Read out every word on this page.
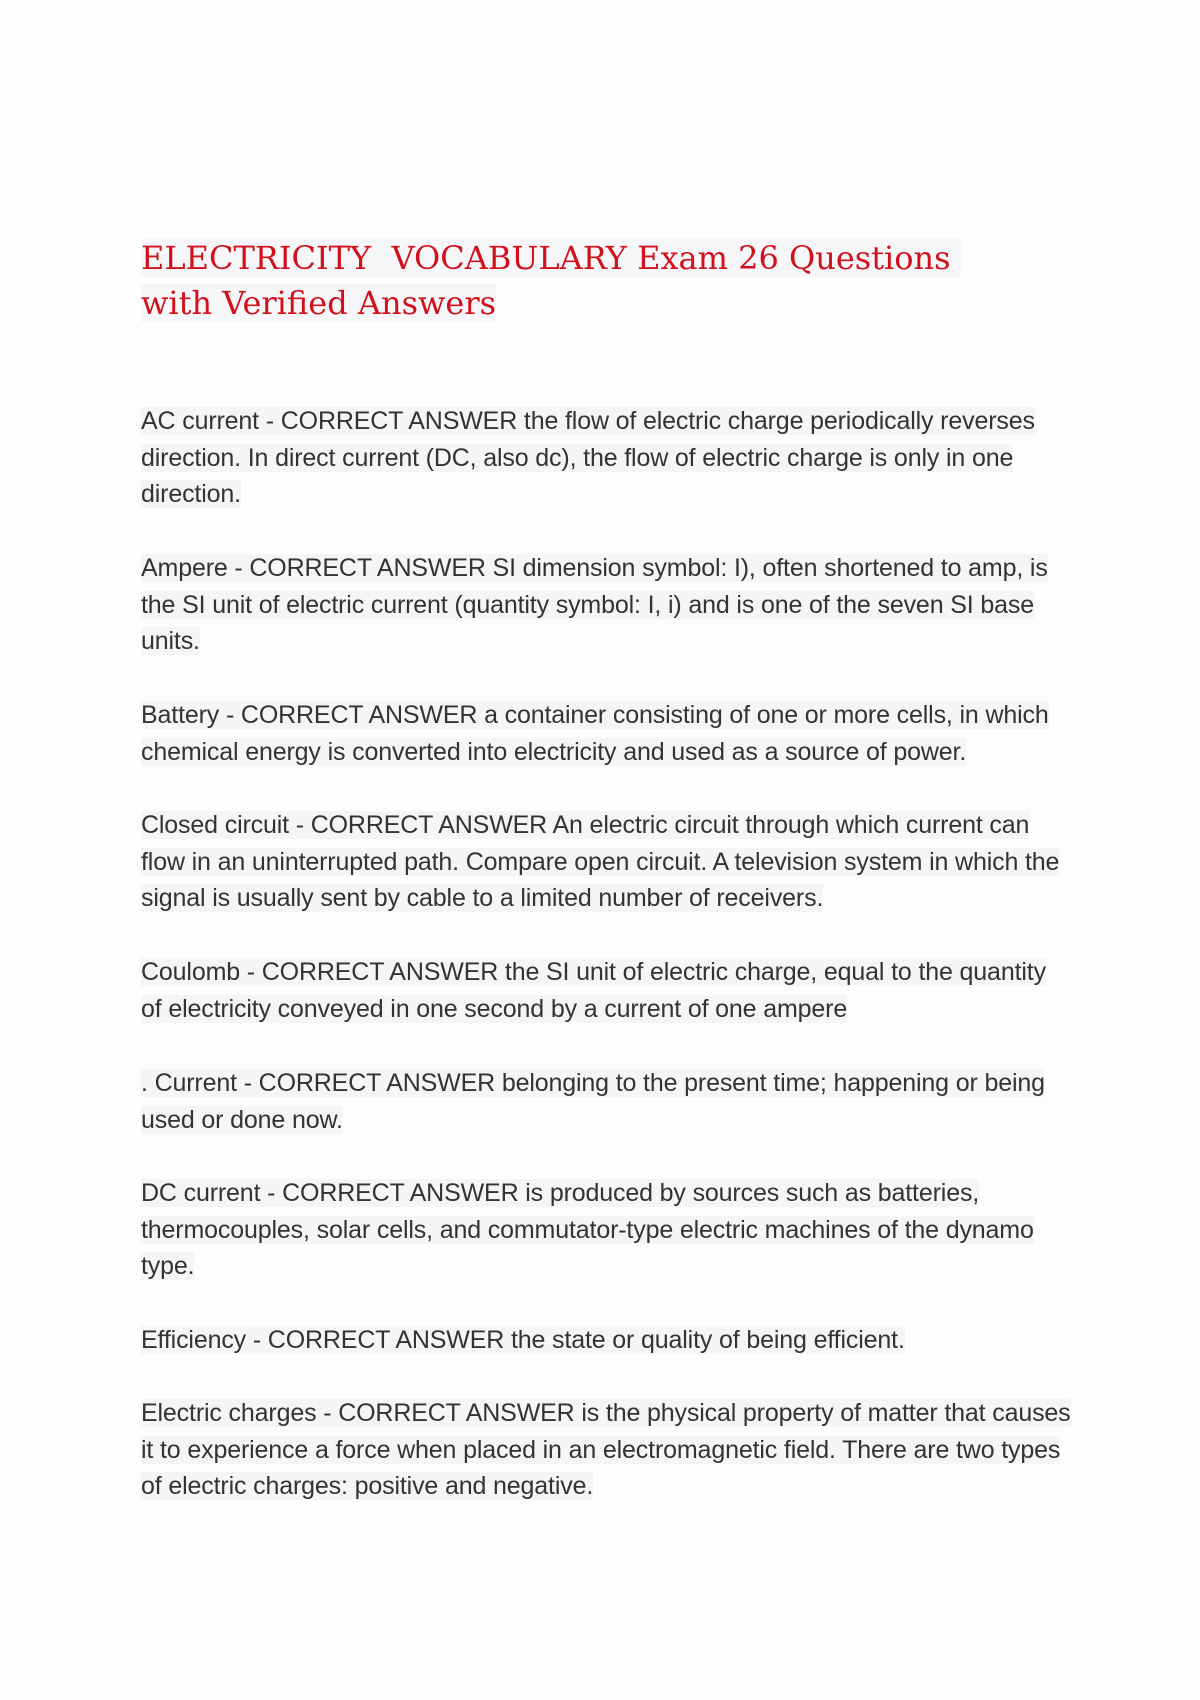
ELECTRICITY  VOCABULARY Exam 26 Questions with Verified Answers

AC current - CORRECT ANSWER the flow of electric charge periodically reverses direction. In direct current (DC, also dc), the flow of electric charge is only in one direction.

Ampere - CORRECT ANSWER SI dimension symbol: I), often shortened to amp, is the SI unit of electric current (quantity symbol: I, i) and is one of the seven SI base units.

Battery - CORRECT ANSWER a container consisting of one or more cells, in which chemical energy is converted into electricity and used as a source of power.

Closed circuit - CORRECT ANSWER An electric circuit through which current can flow in an uninterrupted path. Compare open circuit. A television system in which the signal is usually sent by cable to a limited number of receivers.

Coulomb - CORRECT ANSWER the SI unit of electric charge, equal to the quantity of electricity conveyed in one second by a current of one ampere

. Current - CORRECT ANSWER belonging to the present time; happening or being used or done now.

DC current - CORRECT ANSWER is produced by sources such as batteries, thermocouples, solar cells, and commutator-type electric machines of the dynamo type.

Efficiency - CORRECT ANSWER the state or quality of being efficient.

Electric charges - CORRECT ANSWER is the physical property of matter that causes it to experience a force when placed in an electromagnetic field. There are two types of electric charges: positive and negative.
